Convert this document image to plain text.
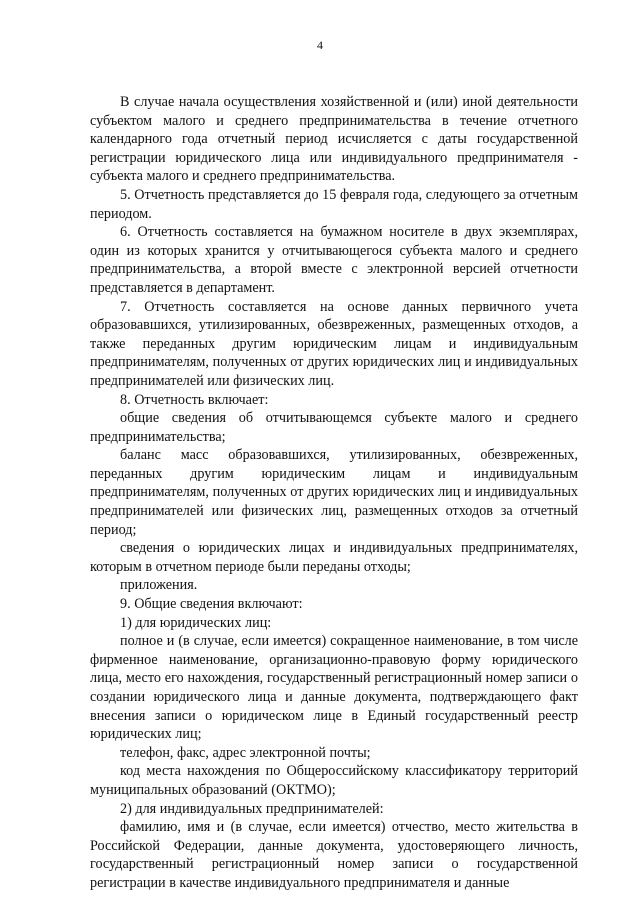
4

В случае начала осуществления хозяйственной и (или) иной деятельности субъектом малого и среднего предпринимательства в течение отчетного календарного года отчетный период исчисляется с даты государственной регистрации юридического лица или индивидуального предпринимателя - субъекта малого и среднего предпринимательства.

5. Отчетность представляется до 15 февраля года, следующего за отчетным периодом.

6. Отчетность составляется на бумажном носителе в двух экземплярах, один из которых хранится у отчитывающегося субъекта малого и среднего предпринимательства, а второй вместе с электронной версией отчетности представляется в департамент.

7. Отчетность составляется на основе данных первичного учета образовавшихся, утилизированных, обезвреженных, размещенных отходов, а также переданных другим юридическим лицам и индивидуальным предпринимателям, полученных от других юридических лиц и индивидуальных предпринимателей или физических лиц.

8. Отчетность включает:

общие сведения об отчитывающемся субъекте малого и среднего предпринимательства;

баланс масс образовавшихся, утилизированных, обезвреженных, переданных другим юридическим лицам и индивидуальным предпринимателям, полученных от других юридических лиц и индивидуальных предпринимателей или физических лиц, размещенных отходов за отчетный период;

сведения о юридических лицах и индивидуальных предпринимателях, которым в отчетном периоде были переданы отходы;

приложения.

9. Общие сведения включают:

1) для юридических лиц:

полное и (в случае, если имеется) сокращенное наименование, в том числе фирменное наименование, организационно-правовую форму юридического лица, место его нахождения, государственный регистрационный номер записи о создании юридического лица и данные документа, подтверждающего факт внесения записи о юридическом лице в Единый государственный реестр юридических лиц;

телефон, факс, адрес электронной почты;

код места нахождения по Общероссийскому классификатору территорий муниципальных образований (ОКТМО);

2) для индивидуальных предпринимателей:

фамилию, имя и (в случае, если имеется) отчество, место жительства в Российской Федерации, данные документа, удостоверяющего личность, государственный регистрационный номер записи о государственной регистрации в качестве индивидуального предпринимателя и данные
